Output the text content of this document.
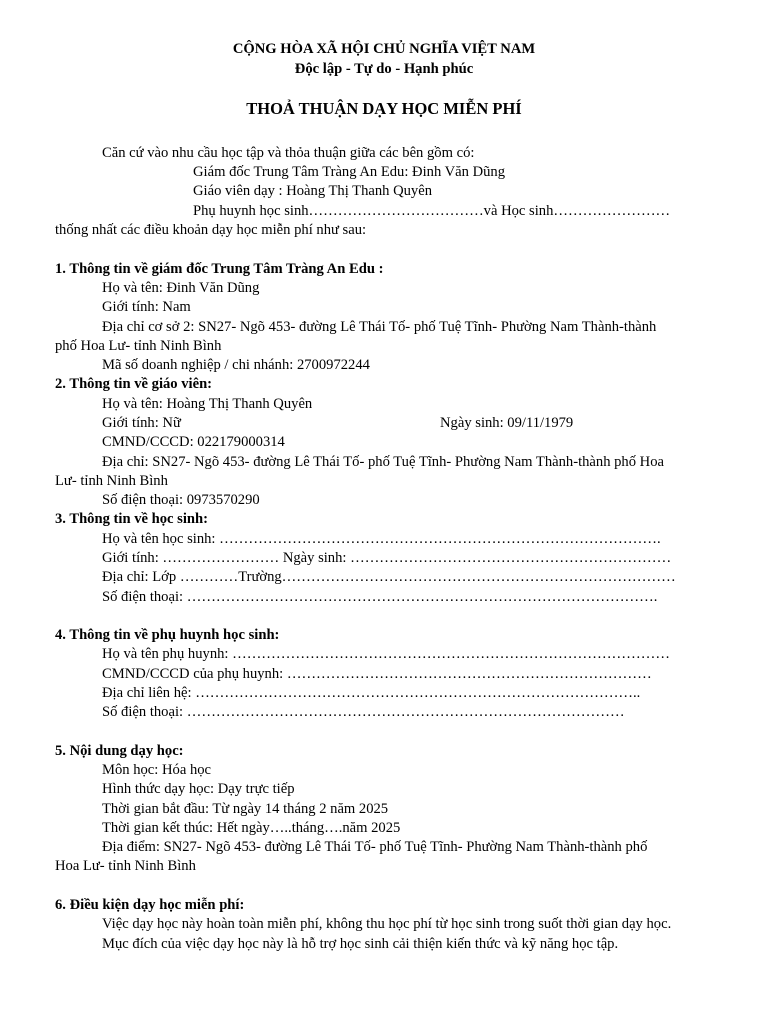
CỘNG HÒA XÃ HỘI CHỦ NGHĨA VIỆT NAM
Độc lập - Tự do - Hạnh phúc
THOẢ THUẬN DẠY HỌC MIỄN PHÍ
Căn cứ vào nhu cầu học tập và thỏa thuận giữa các bên gồm có:
Giám đốc Trung Tâm Tràng An Edu: Đinh Văn Dũng
Giáo viên dạy : Hoàng Thị Thanh Quyên
Phụ huynh học sinh………………………………và Học sinh……………………
thống nhất các điều khoản dạy học miễn phí như sau:
1. Thông tin về giám đốc Trung Tâm Tràng An Edu :
Họ và tên: Đinh Văn Dũng
Giới tính: Nam
Địa chỉ cơ sở 2: SN27- Ngõ 453- đường Lê Thái Tố- phố Tuệ Tĩnh- Phường Nam Thành-thành
phố Hoa Lư- tỉnh Ninh Bình
Mã số doanh nghiệp / chi nhánh: 2700972244
2. Thông tin về giáo viên:
Họ và tên: Hoàng Thị Thanh Quyên
Giới tính: Nữ	Ngày sinh: 09/11/1979
CMND/CCCD: 022179000314
Địa chỉ: SN27- Ngõ 453- đường Lê Thái Tố- phố Tuệ Tĩnh- Phường Nam Thành-thành phố Hoa
Lư- tỉnh Ninh Bình
Số điện thoại: 0973570290
3. Thông tin về học sinh:
Họ và tên học sinh: ……………………………………………………………………………….
Giới tính: …………………… Ngày sinh: …………………………………………………………
Địa chỉ: Lớp …………Trường………………………………………………………………………
Số điện thoại: …………………………………………………………………………………….
4. Thông tin về phụ huynh học sinh:
Họ và tên phụ huynh: ………………………………………………………………………………
CMND/CCCD của phụ huynh: …………………………………………………………………
Địa chỉ liên hệ: ………………………………………………………………………………..
Số điện thoại: ………………………………………………………………………………
5. Nội dung dạy học:
Môn học: Hóa học
Hình thức dạy học: Dạy trực tiếp
Thời gian bắt đầu: Từ ngày 14 tháng 2 năm 2025
Thời gian kết thúc: Hết ngày…..tháng….năm 2025
Địa điểm: SN27- Ngõ 453- đường Lê Thái Tố- phố Tuệ Tĩnh- Phường Nam Thành-thành phố
Hoa Lư- tỉnh Ninh Bình
6. Điều kiện dạy học miễn phí:
Việc dạy học này hoàn toàn miễn phí, không thu học phí từ học sinh trong suốt thời gian dạy học.
Mục đích của việc dạy học này là hỗ trợ học sinh cải thiện kiến thức và kỹ năng học tập.
